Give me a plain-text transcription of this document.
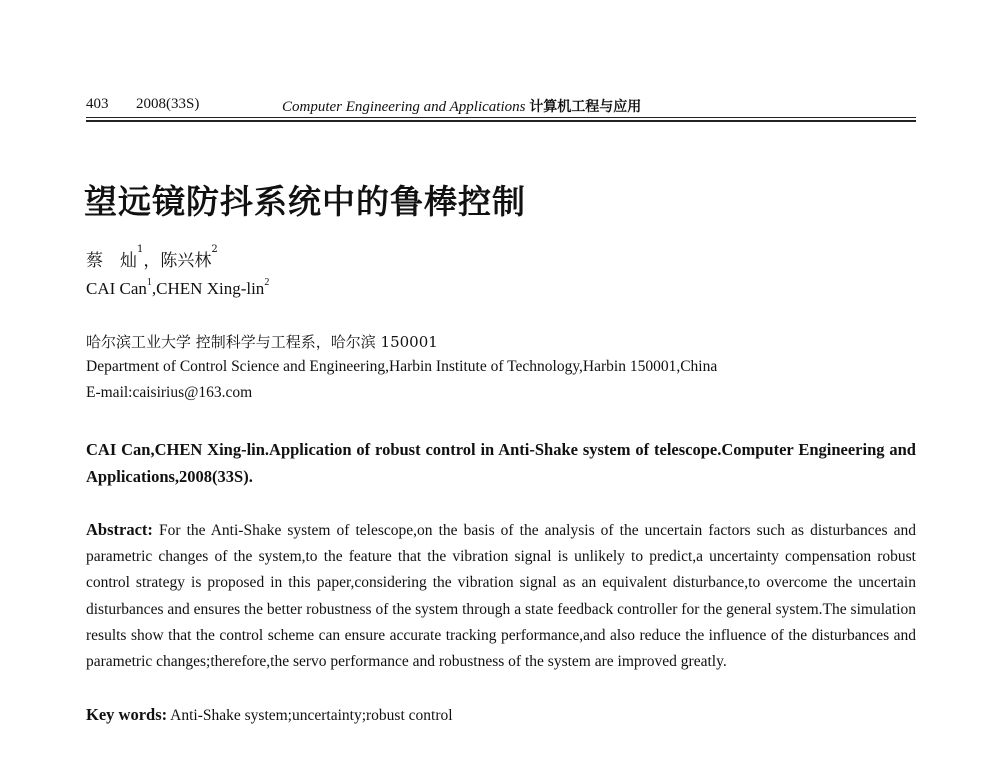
403 2008(33S)	Computer Engineering and Applications 计算机工程与应用
望远镜防抖系统中的鲁棒控制
蔡　灿$^1$，陈兴林$^2$
CAI Can$^1$,CHEN Xing-lin$^2$
哈尔滨工业大学 控制科学与工程系，哈尔滨 150001
Department of Control Science and Engineering,Harbin Institute of Technology,Harbin 150001,China
E-mail:caisirius@163.com
CAI Can,CHEN Xing-lin.Application of robust control in Anti-Shake system of telescope.Computer Engineering and Applications,2008(33S).
Abstract: For the Anti-Shake system of telescope,on the basis of the analysis of the uncertain factors such as disturbances and parametric changes of the system,to the feature that the vibration signal is unlikely to predict,a uncertainty compensation robust control strategy is proposed in this paper,considering the vibration signal as an equivalent disturbance,to overcome the uncertain disturbances and ensures the better robustness of the system through a state feedback controller for the general system.The simulation results show that the control scheme can ensure accurate tracking performance,and also reduce the influence of the disturbances and parametric changes;therefore,the servo performance and robustness of the system are improved greatly.
Key words: Anti-Shake system;uncertainty;robust control
